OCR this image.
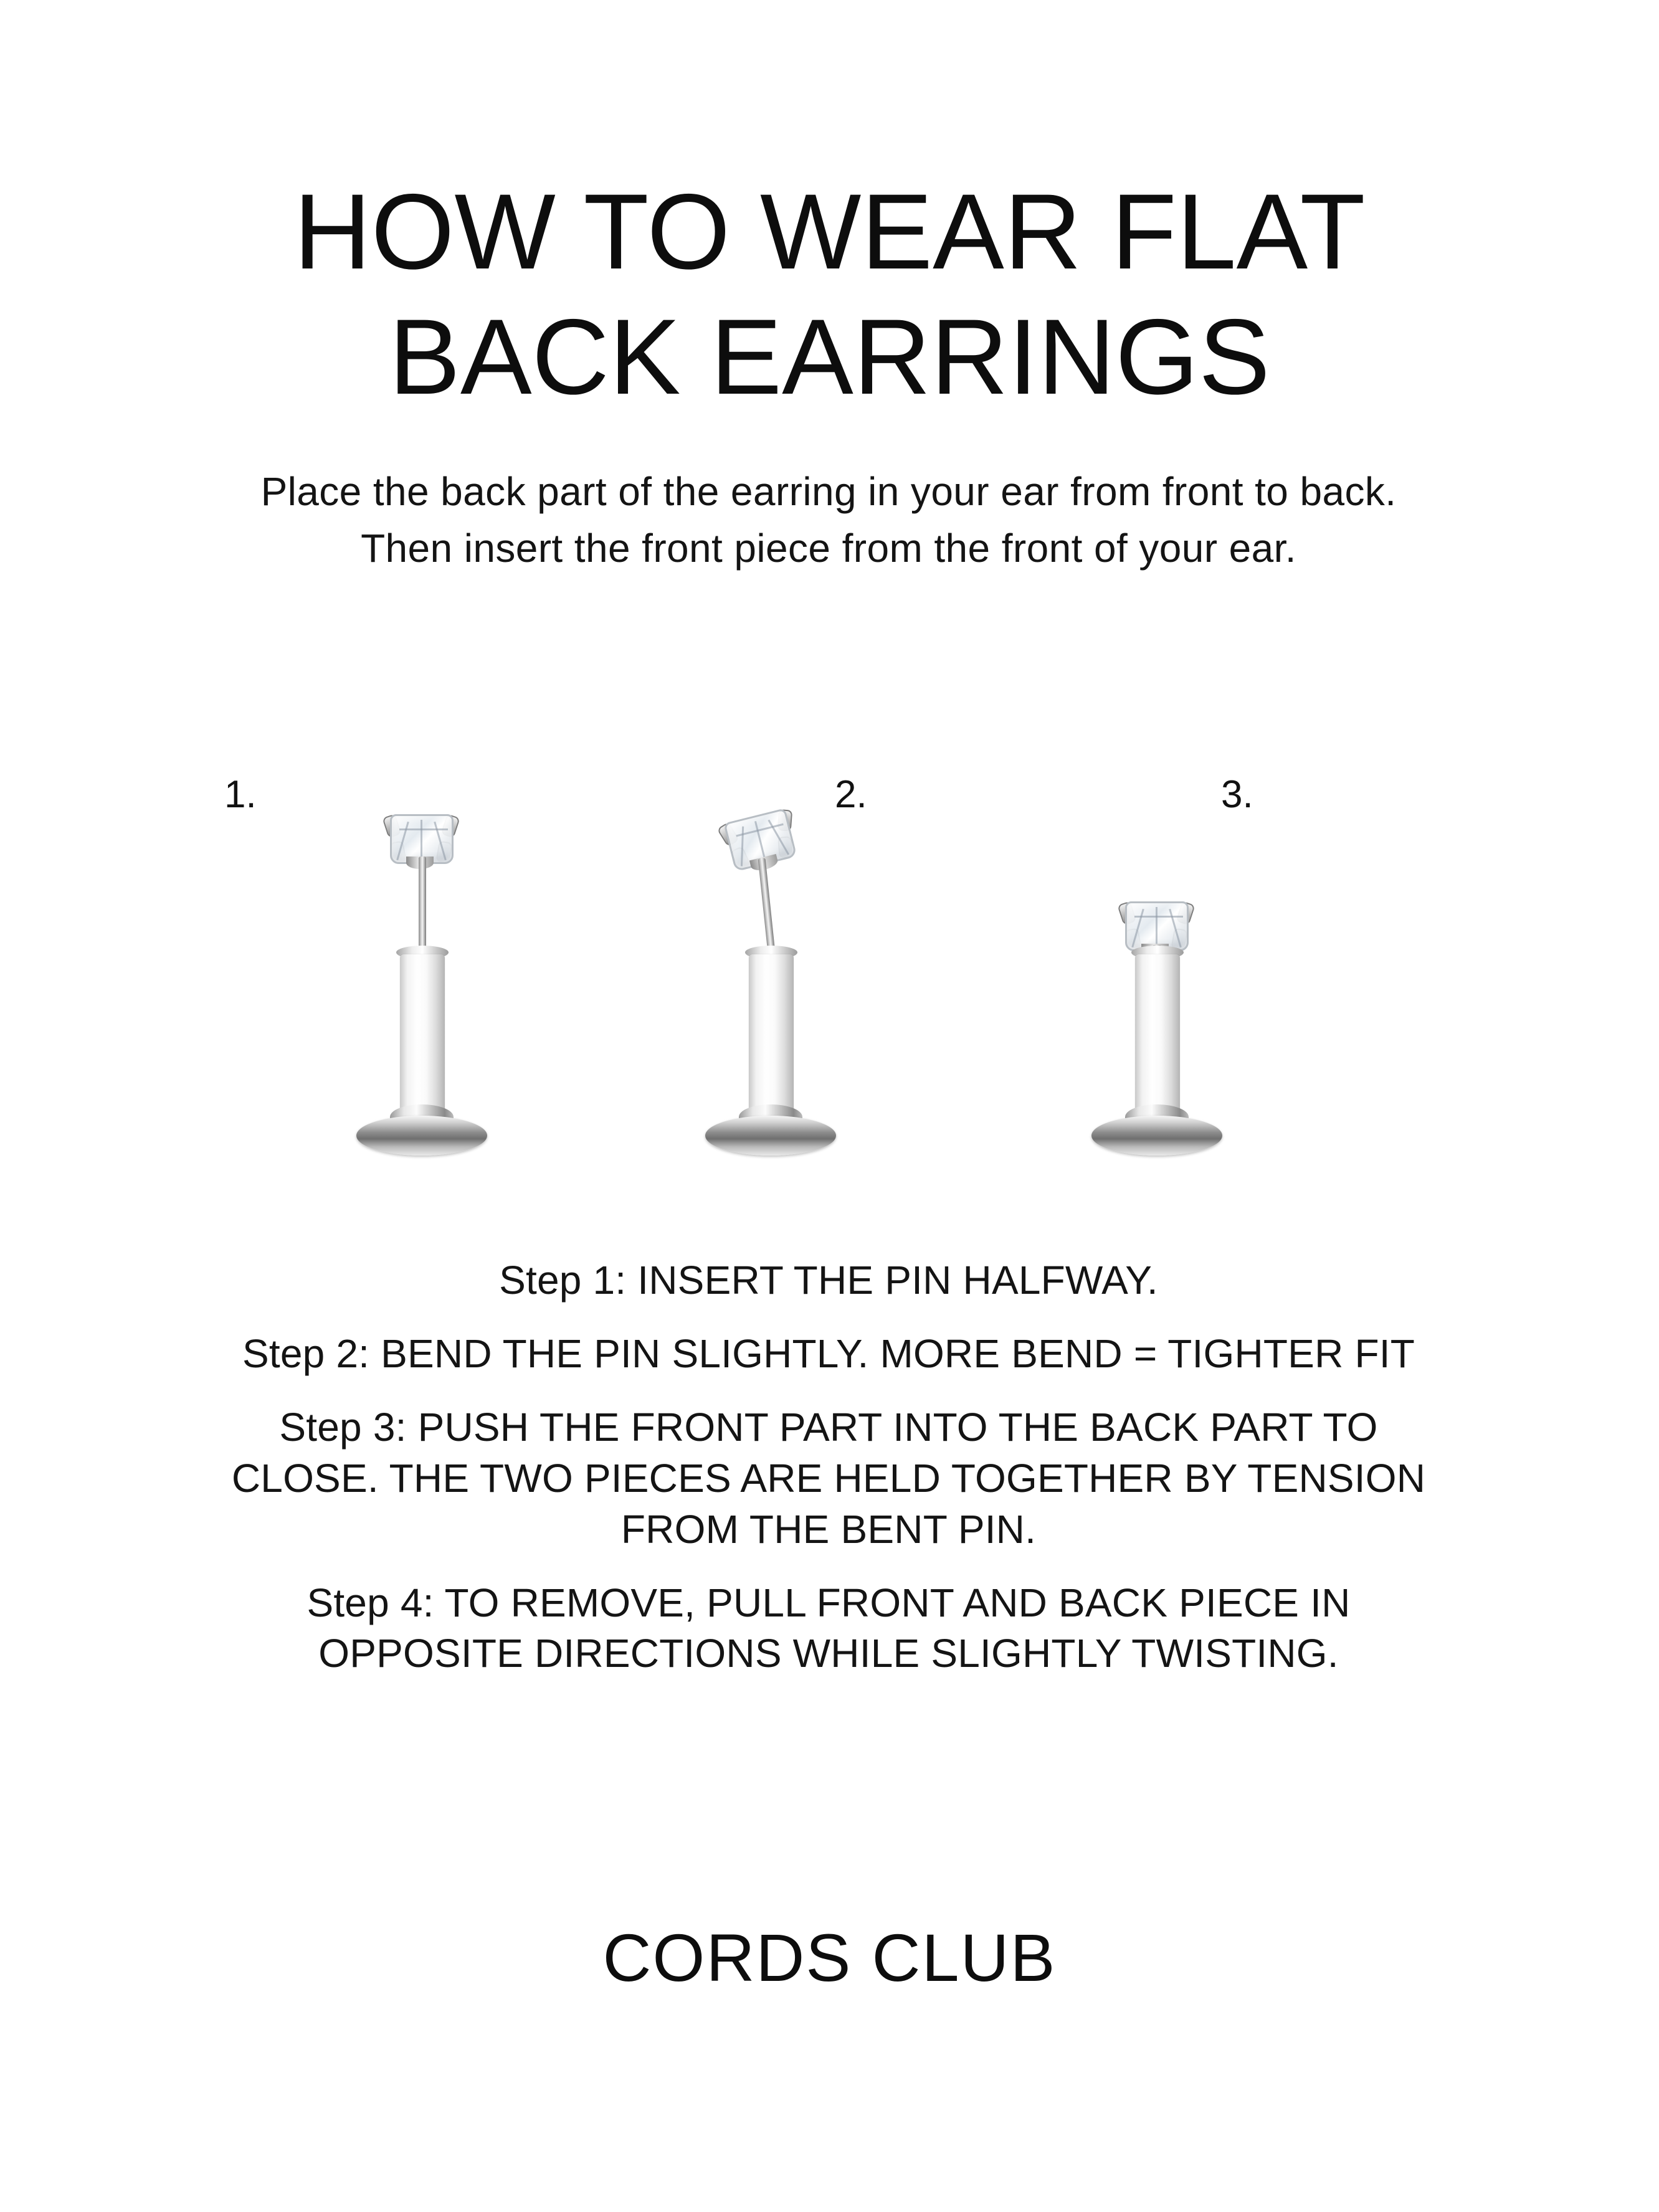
HOW TO WEAR FLAT
BACK EARRINGS
Place the back part of the earring in your ear from front to back. Then insert the front piece from the front of your ear.
1.	2.	3.
Step 1: INSERT THE PIN HALFWAY.
Step 2: BEND THE PIN SLIGHTLY. MORE BEND = TIGHTER FIT
Step 3: PUSH THE FRONT PART INTO THE BACK PART TO CLOSE. THE TWO PIECES ARE HELD TOGETHER BY TENSION FROM THE BENT PIN.
Step 4: TO REMOVE, PULL FRONT AND BACK PIECE IN OPPOSITE DIRECTIONS WHILE SLIGHTLY TWISTING.
CORDS CLUB
